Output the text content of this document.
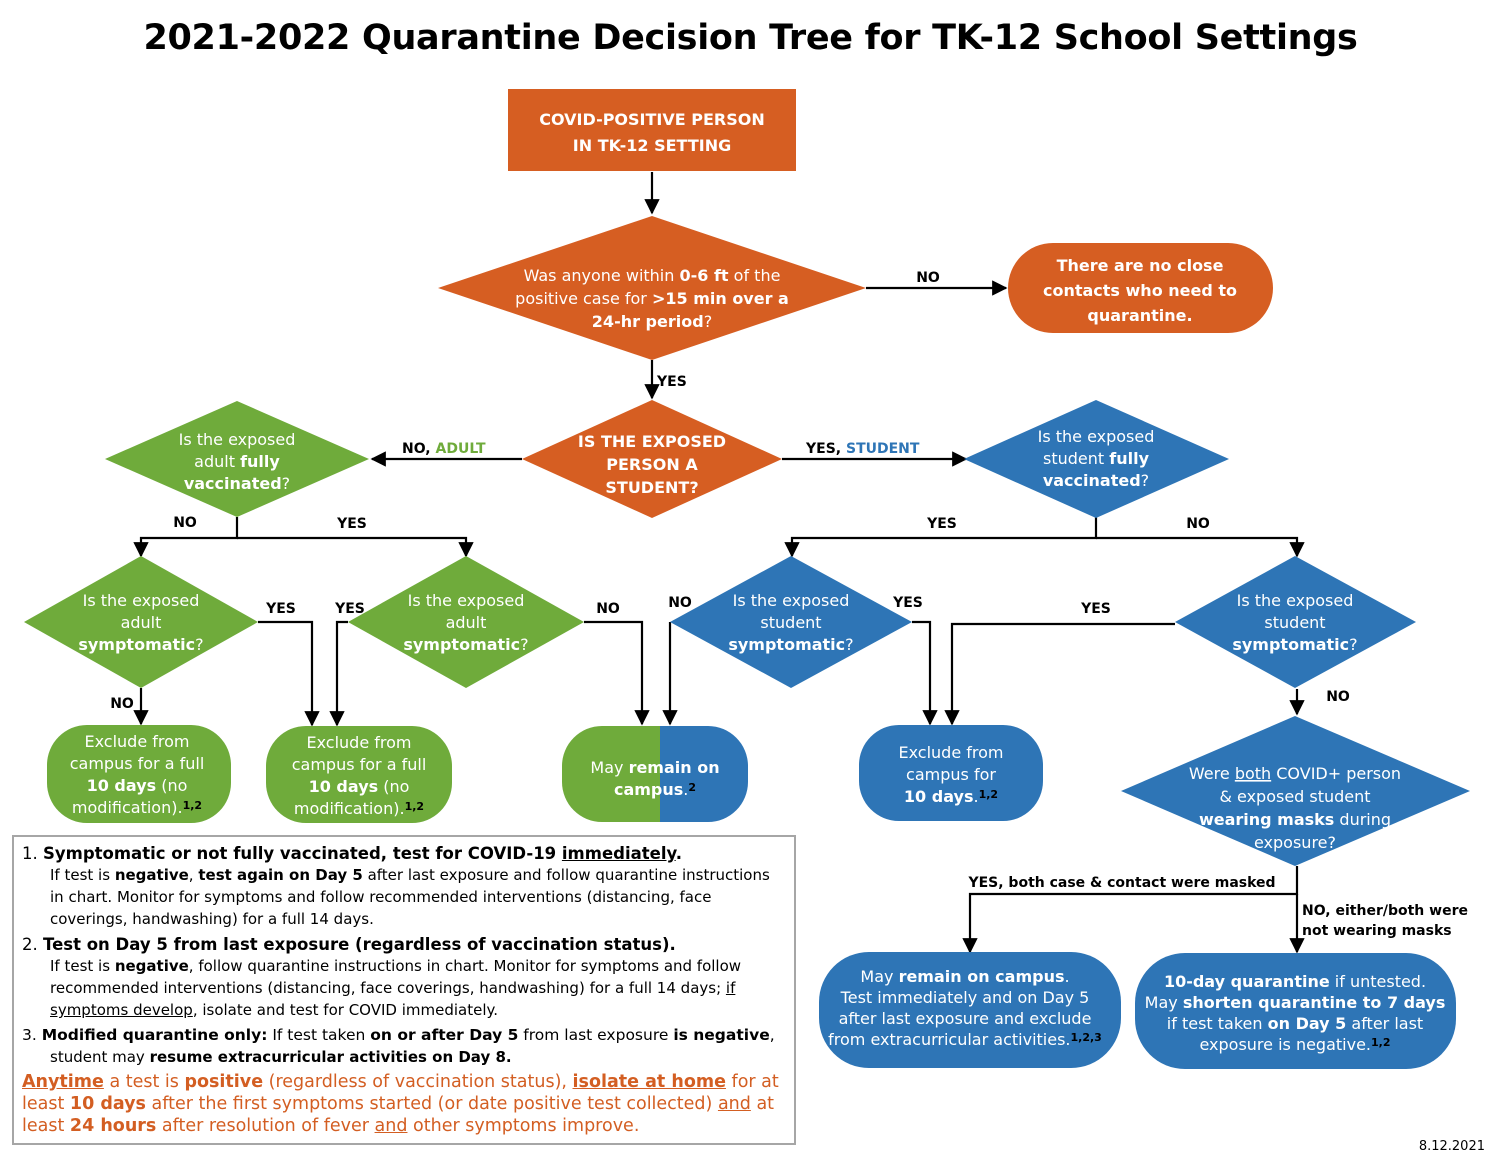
2021-2022 Quarantine Decision Tree for TK-12 School Settings
COVID-POSITIVE PERSON IN TK-12 SETTING
Was anyone within 0-6 ft of the positive case for >15 min over a 24-hr period?
There are no close contacts who need to quarantine.
IS THE EXPOSED PERSON A STUDENT?
Is the exposed adult fully vaccinated?
Is the exposed student fully vaccinated?
Is the exposed adult symptomatic?
Is the exposed adult symptomatic?
Is the exposed student symptomatic?
Is the exposed student symptomatic?
Exclude from campus for a full 10 days (no modification).$^{1,2}$
Exclude from campus for a full 10 days (no modification).$^{1,2}$
May remain on campus.$^2$
Exclude from campus for 10 days.$^{1,2}$
Were both COVID+ person & exposed student wearing masks during exposure?
May remain on campus. Test immediately and on Day 5 after last exposure and exclude from extracurricular activities.$^{1,2,3}$
10-day quarantine if untested. May shorten quarantine to 7 days if test taken on Day 5 after last exposure is negative.$^{1,2}$
NO
YES
NO, ADULT	YES, STUDENT
NO	YES	YES	NO
YES
NO
YES	NO	NO	YES	YES
NO
YES, both case & contact were masked
NO, either/both were
not wearing masks
1. Symptomatic or not fully vaccinated, test for COVID-19 immediately.
If test is negative, test again on Day 5 after last exposure and follow quarantine instructions in chart. Monitor for symptoms and follow recommended interventions (distancing, face coverings, handwashing) for a full 14 days.
2. Test on Day 5 from last exposure (regardless of vaccination status).
If test is negative, follow quarantine instructions in chart. Monitor for symptoms and follow recommended interventions (distancing, face coverings, handwashing) for a full 14 days; if symptoms develop, isolate and test for COVID immediately.
3. Modified quarantine only: If test taken on or after Day 5 from last exposure is negative,
student may resume extracurricular activities on Day 8.
Anytime a test is positive (regardless of vaccination status), isolate at home for at least 10 days after the first symptoms started (or date positive test collected) and at least 24 hours after resolution of fever and other symptoms improve.
8.12.2021
